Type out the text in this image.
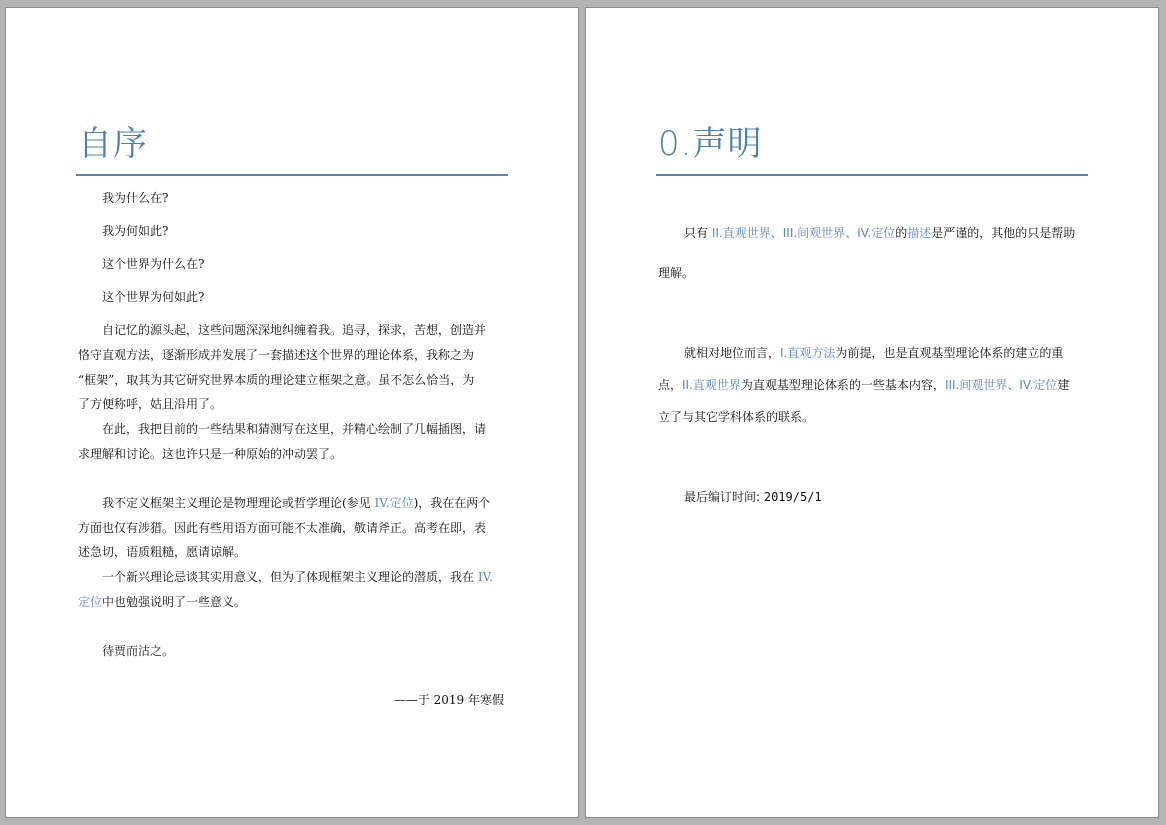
自序
我为什么在?
我为何如此?
这个世界为什么在?
这个世界为何如此?
自记忆的源头起，这些问题深深地纠缠着我。追寻，探求，苦想，创造并
恪守直观方法，逐渐形成并发展了一套描述这个世界的理论体系，我称之为
“框架”，取其为其它研究世界本质的理论建立框架之意。虽不怎么恰当，为
了方便称呼，姑且沿用了。
在此，我把目前的一些结果和猜测写在这里，并精心绘制了几幅插图，请
求理解和讨论。这也许只是一种原始的冲动罢了。
我不定义框架主义理论是物理理论或哲学理论(参见 IV.定位)，我在在两个
方面也仅有涉猎。因此有些用语方面可能不太准确，敬请斧正。高考在即，表
述急切，语质粗糙，愿请谅解。
一个新兴理论忌谈其实用意义，但为了体现框架主义理论的潜质，我在 IV.
定位中也勉强说明了一些意义。
待贾而沽之。
——于 2019 年寒假
0.声明
只有 II.直观世界、III.间观世界、IV.定位的描述是严谨的，其他的只是帮助
理解。
就相对地位而言，I.直观方法为前提，也是直观基型理论体系的建立的重
点，II.直观世界为直观基型理论体系的一些基本内容，III.间观世界、IV.定位建
立了与其它学科体系的联系。
最后编订时间: 2019/5/1
